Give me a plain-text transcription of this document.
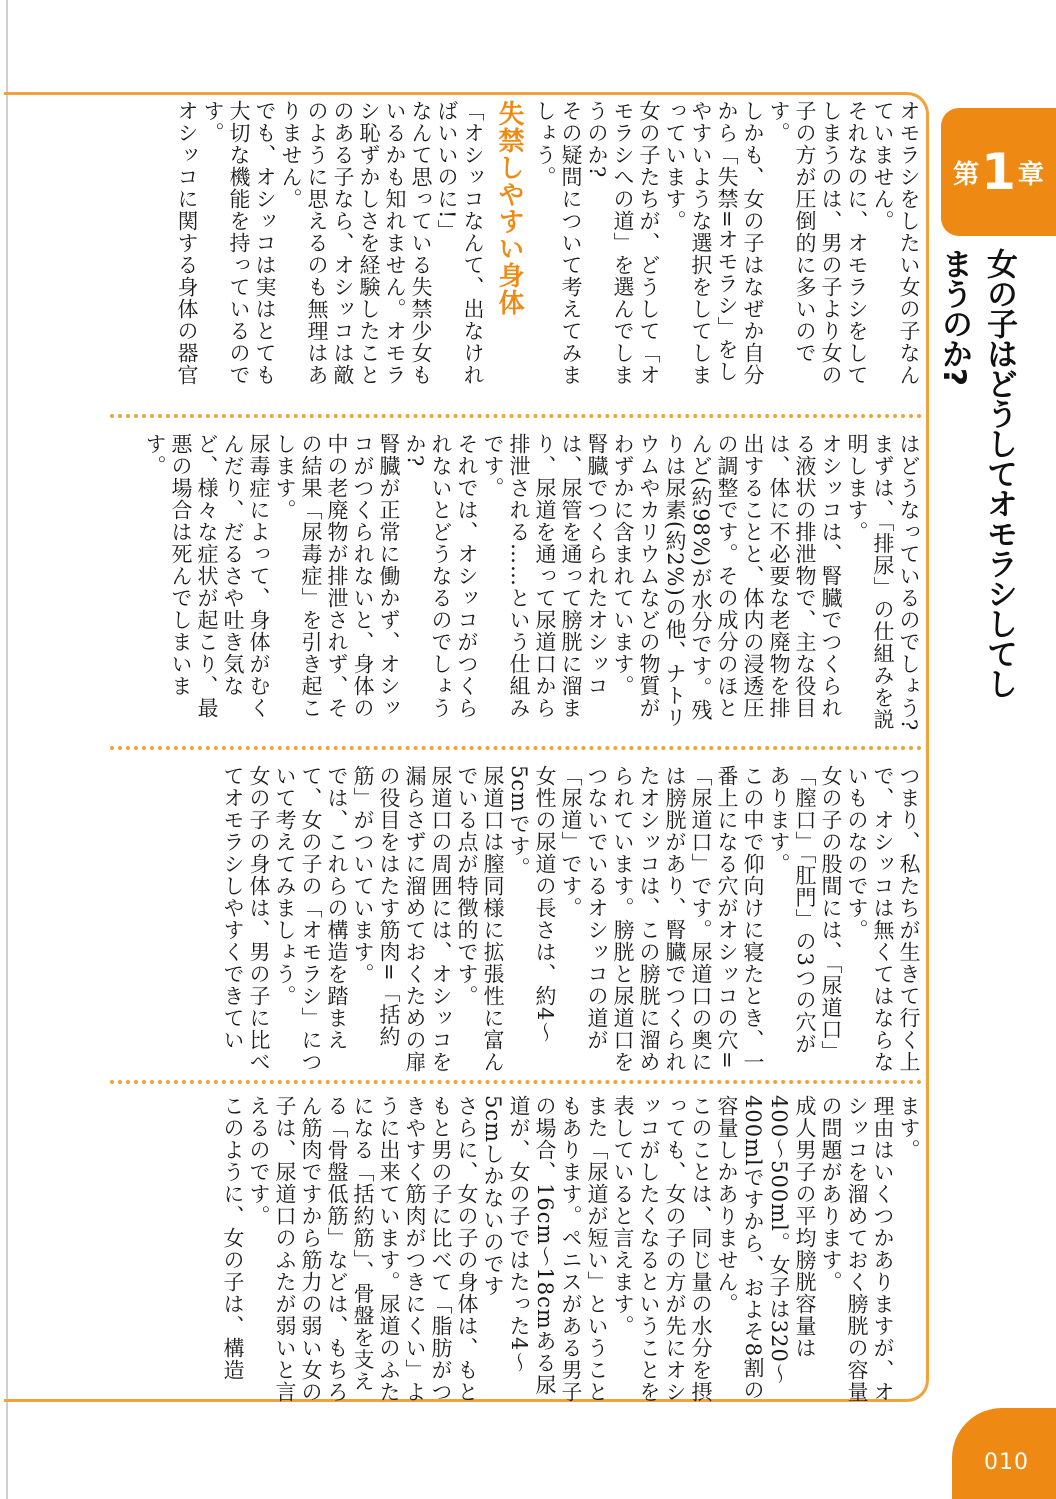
第 1 章
女の子はどうしてオモラシしてしまうのか?
オモラシをしたい女の子なんていません。
それなのに、オモラシをしてしまうのは、男の子より女の子の方が圧倒的に多いのです。
しかも、女の子はなぜか自分から「失禁=オモラシ」をしやすいような選択をしてしまっています。
女の子たちが、どうして「オモラシへの道」を選んでしまうのか?
その疑問について考えてみましょう。
失禁しやすい身体
「オシッコなんて、出なければいいのに!」
なんて思っている失禁少女もいるかも知れません。オモラシ恥ずかしさを経験したことのある子なら、オシッコは敵のように思えるのも無理はありません。
でも、オシッコは実はとても大切な機能を持っているのです。
オシッコに関する身体の器官
はどうなっているのでしょう?
まずは、「排尿」の仕組みを説明します。
オシッコは、腎臓でつくられる液状の排泄物で、主な役目は、体に不必要な老廃物を排出することと、体内の浸透圧の調整です。その成分のほとんど(約98%)が水分です。残りは尿素(約2%)の他、ナトリウムやカリウムなどの物質がわずかに含まれています。
腎臓でつくられたオシッコは、尿管を通って膀胱に溜まり、尿道を通って尿道口から排泄される……という仕組みです。
それでは、オシッコがつくられないとどうなるのでしょうか?
腎臓が正常に働かず、オシッコがつくられないと、身体の中の老廃物が排泄されず、その結果「尿毒症」を引き起こします。
尿毒症によって、身体がむくんだり、だるさや吐き気など、様々な症状が起こり、最悪の場合は死んでしまいます。
つまり、私たちが生きて行く上で、オシッコは無くてはならないものなのです。
女の子の股間には、「尿道口」「膣口」「肛門」の3つの穴があります。
この中で仰向けに寝たとき、一番上になる穴がオシッコの穴=「尿道口」です。尿道口の奥には膀胱があり、腎臓でつくられたオシッコは、この膀胱に溜められています。膀胱と尿道口をつないでいるオシッコの道が「尿道」です。
女性の尿道の長さは、約4〜5cmです。
尿道口は膣同様に拡張性に富んでいる点が特徴的です。
尿道口の周囲には、オシッコを漏らさずに溜めておくための扉の役目をはたす筋肉=「括約筋」がついています。
では、これらの構造を踏まえて、女の子の「オモラシ」について考えてみましょう。
女の子の身体は、男の子に比べてオモラシしやすくできてい
ます。
理由はいくつかありますが、オシッコを溜めておく膀胱の容量の問題があります。
成人男子の平均膀胱容量は400〜500ml。女子は320〜400mlですから、およそ8割の容量しかありません。
このことは、同じ量の水分を摂っても、女の子の方が先にオシッコがしたくなるということを表していると言えます。
また「尿道が短い」ということもあります。ペニスがある男子の場合、16cm〜18cmある尿道が、女の子ではたった4〜5cmしかないのです
さらに、女の子の身体は、もともと男の子に比べて「脂肪がつきやすく筋肉がつきにくい」ように出来ています。尿道のふたになる「括約筋」、骨盤を支える「骨盤低筋」などは、もちろん筋肉ですから筋力の弱い女の子は、尿道口のふたが弱いと言えるのです。
このように、女の子は、構造
010
